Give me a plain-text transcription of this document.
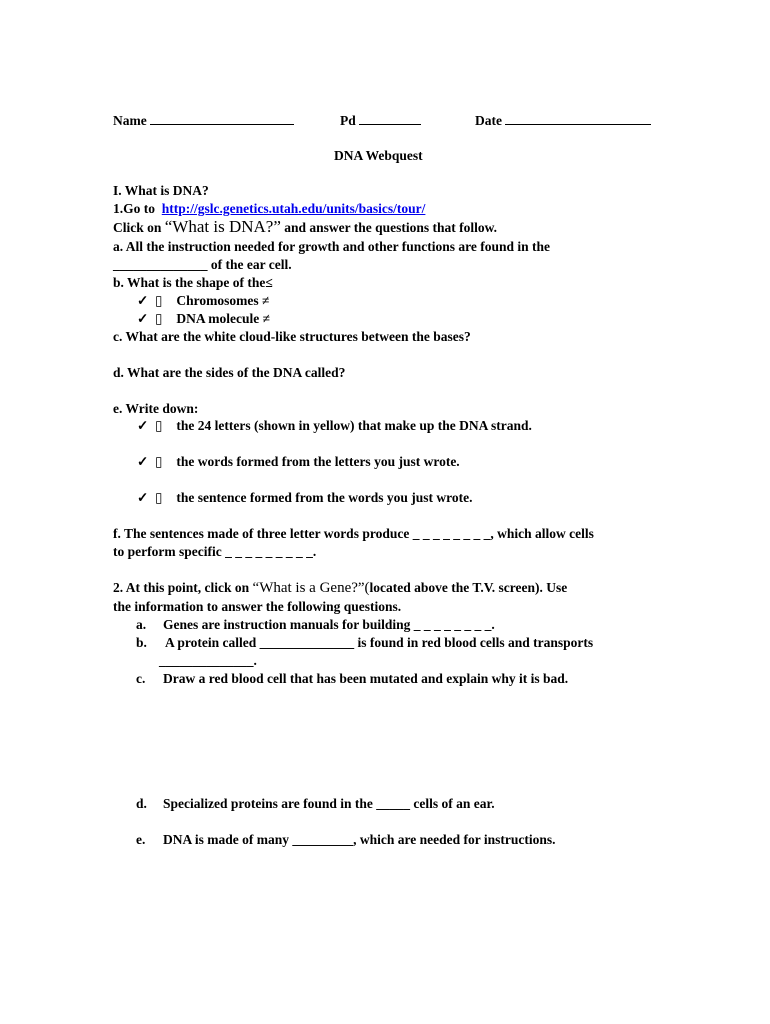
Name	Pd	Date
DNA Webquest
I. What is DNA?
1.Go to http://gslc.genetics.utah.edu/units/basics/tour/
Click on “What is DNA?” and answer the questions that follow.
a. All the instruction needed for growth and other functions are found in the
______________ of the ear cell.
b. What is the shape of the≤
✓ ▯ Chromosomes ≠
✓ ▯ DNA molecule ≠
c. What are the white cloud-like structures between the bases?
d. What are the sides of the DNA called?
e. Write down:
✓ ▯ the 24 letters (shown in yellow) that make up the DNA strand.
✓ ▯ the words formed from the letters you just wrote.
✓ ▯ the sentence formed from the words you just wrote.
f. The sentences made of three letter words produce _ _ _ _ _ _ _ _, which allow cells
to perform specific _ _ _ _ _ _ _ _ _.
2. At this point, click on “What is a Gene?”(located above the T.V. screen). Use
the information to answer the following questions.
a. Genes are instruction manuals for building _ _ _ _ _ _ _ _.
b. A protein called ______________ is found in red blood cells and transports
______________.
c. Draw a red blood cell that has been mutated and explain why it is bad.
d. Specialized proteins are found in the _____ cells of an ear.
e. DNA is made of many _________, which are needed for instructions.
